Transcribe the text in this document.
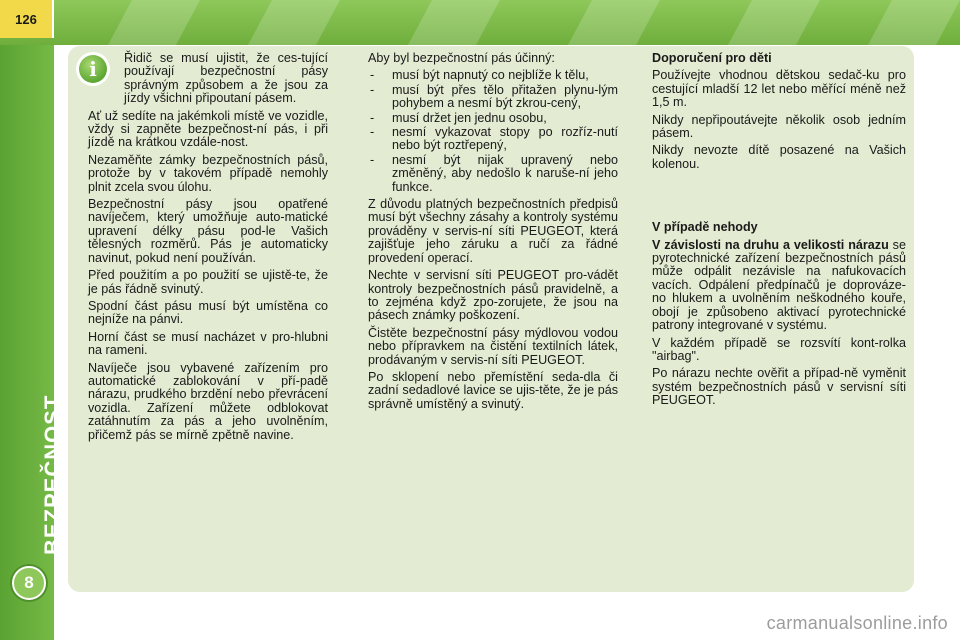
126
BEZPEČNOST
8
i	Řidič se musí ujistit, že ces-tující používají bezpečnostní pásy správným způsobem a že jsou za jízdy všichni připoutaní pásem.

Ať už sedíte na jakémkoli místě ve vozidle, vždy si zapněte bezpečnost-ní pás, i při jízdě na krátkou vzdále-nost.

Nezaměňte zámky bezpečnostních pásů, protože by v takovém případě nemohly plnit zcela svou úlohu.

Bezpečnostní pásy jsou opatřené navíječem, který umožňuje auto-matické upravení délky pásu pod-le Vašich tělesných rozměrů. Pás je automaticky navinut, pokud není používán.

Před použitím a po použití se ujistě-te, že je pás řádně svinutý.

Spodní část pásu musí být umístěna co nejníže na pánvi.

Horní část se musí nacházet v pro-hlubni na rameni.

Navíječe jsou vybavené zařízením pro automatické zablokování v pří-padě nárazu, prudkého brzdění nebo převrácení vozidla. Zařízení můžete odblokovat zatáhnutím za pás a jeho uvolněním, přičemž pás se mírně zpětně navine.

Aby byl bezpečnostní pás účinný:

- musí být napnutý co nejblíže k tělu,
- musí být přes tělo přitažen plynu-lým pohybem a nesmí být zkrou-cený,
- musí držet jen jednu osobu,
- nesmí vykazovat stopy po rozříz-nutí nebo být roztřepený,
- nesmí být nijak upravený nebo změněný, aby nedošlo k naruše-ní jeho funkce.

Z důvodu platných bezpečnostních předpisů musí být všechny zásahy a kontroly systému prováděny v servis-ní síti PEUGEOT, která zajišťuje jeho záruku a ručí za řádné provedení operací.

Nechte v servisní síti PEUGEOT pro-vádět kontroly bezpečnostních pásů pravidelně, a to zejména když zpo-zorujete, že jsou na pásech známky poškození.

Čistěte bezpečnostní pásy mýdlovou vodou nebo přípravkem na čistění textilních látek, prodávaným v servis-ní síti PEUGEOT.

Po sklopení nebo přemístění seda-dla či zadní sedadlové lavice se ujis-těte, že je pás správně umístěný a svinutý.

Doporučení pro děti

Používejte vhodnou dětskou sedač-ku pro cestující mladší 12 let nebo měřící méně než 1,5 m.

Nikdy nepřipoutávejte několik osob jedním pásem.

Nikdy nevozte dítě posazené na Vašich kolenou.

V případě nehody

V závislosti na druhu a velikosti nárazu se pyrotechnické zařízení bezpečnostních pásů může odpálit nezávisle na nafukovacích vacích. Odpálení předpínačů je doprováze-no hlukem a uvolněním neškodného kouře, obojí je způsobeno aktivací pyrotechnické patrony integrované v systému.

V každém případě se rozsvítí kont-rolka "airbag".

Po nárazu nechte ověřit a případ-ně vyměnit systém bezpečnostních pásů v servisní síti PEUGEOT.

carmanualsonline.info
